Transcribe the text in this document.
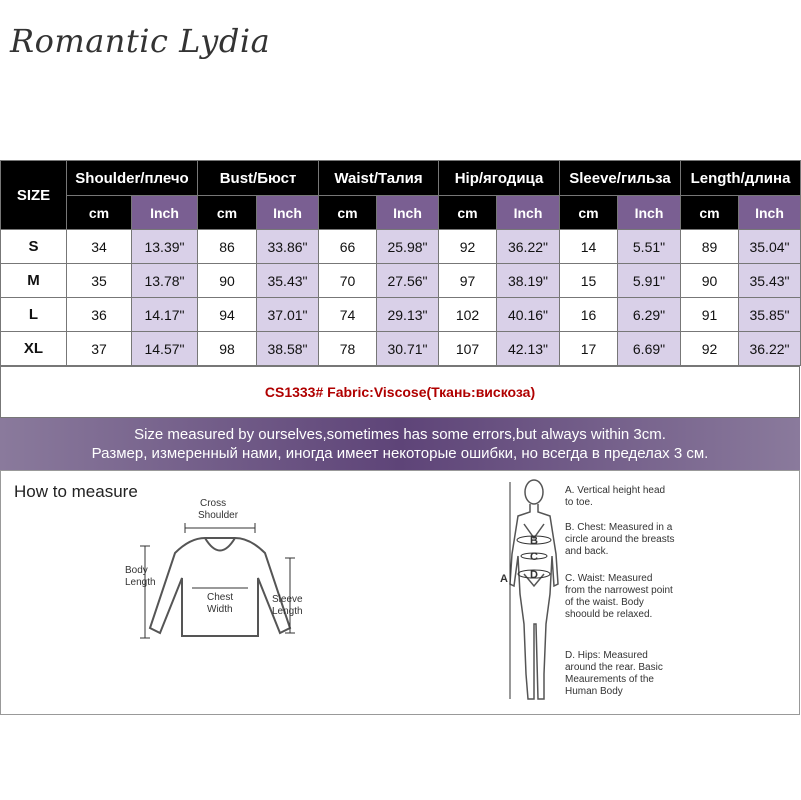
Romantic Lydia
SIZE	Shoulder/плечо		Bust/Бюст		Waist/Талия		Hip/ягодица		Sleeve/гильза		Length/длина	
	cm	Inch	cm	Inch	cm	Inch	cm	Inch	cm	Inch	cm	Inch
S	34	13.39"	86	33.86"	66	25.98"	92	36.22"	14	5.51"	89	35.04"
M	35	13.78"	90	35.43"	70	27.56"	97	38.19"	15	5.91"	90	35.43"
L	36	14.17"	94	37.01"	74	29.13"	102	40.16"	16	6.29"	91	35.85"
XL	37	14.57"	98	38.58"	78	30.71"	107	42.13"	17	6.69"	92	36.22"
CS1333# Fabric:Viscose(Ткань:вискоза)
Size measured by ourselves,sometimes has some errors,but always within 3cm.
Размер, измеренный нами, иногда имеет некоторые ошибки, но всегда в пределах 3 см.
How to measure
Cross
Shoulder
Body
Length
Chest
Width
Sleeve
Length
A
B
C
D
A. Vertical height head to toe.
B. Chest: Measured in a circle around the breasts and back.
C. Waist: Measured from the narrowest point of the waist. Body shoould be relaxed.
D. Hips: Measured around the rear. Basic Meaurements of the Human Body
